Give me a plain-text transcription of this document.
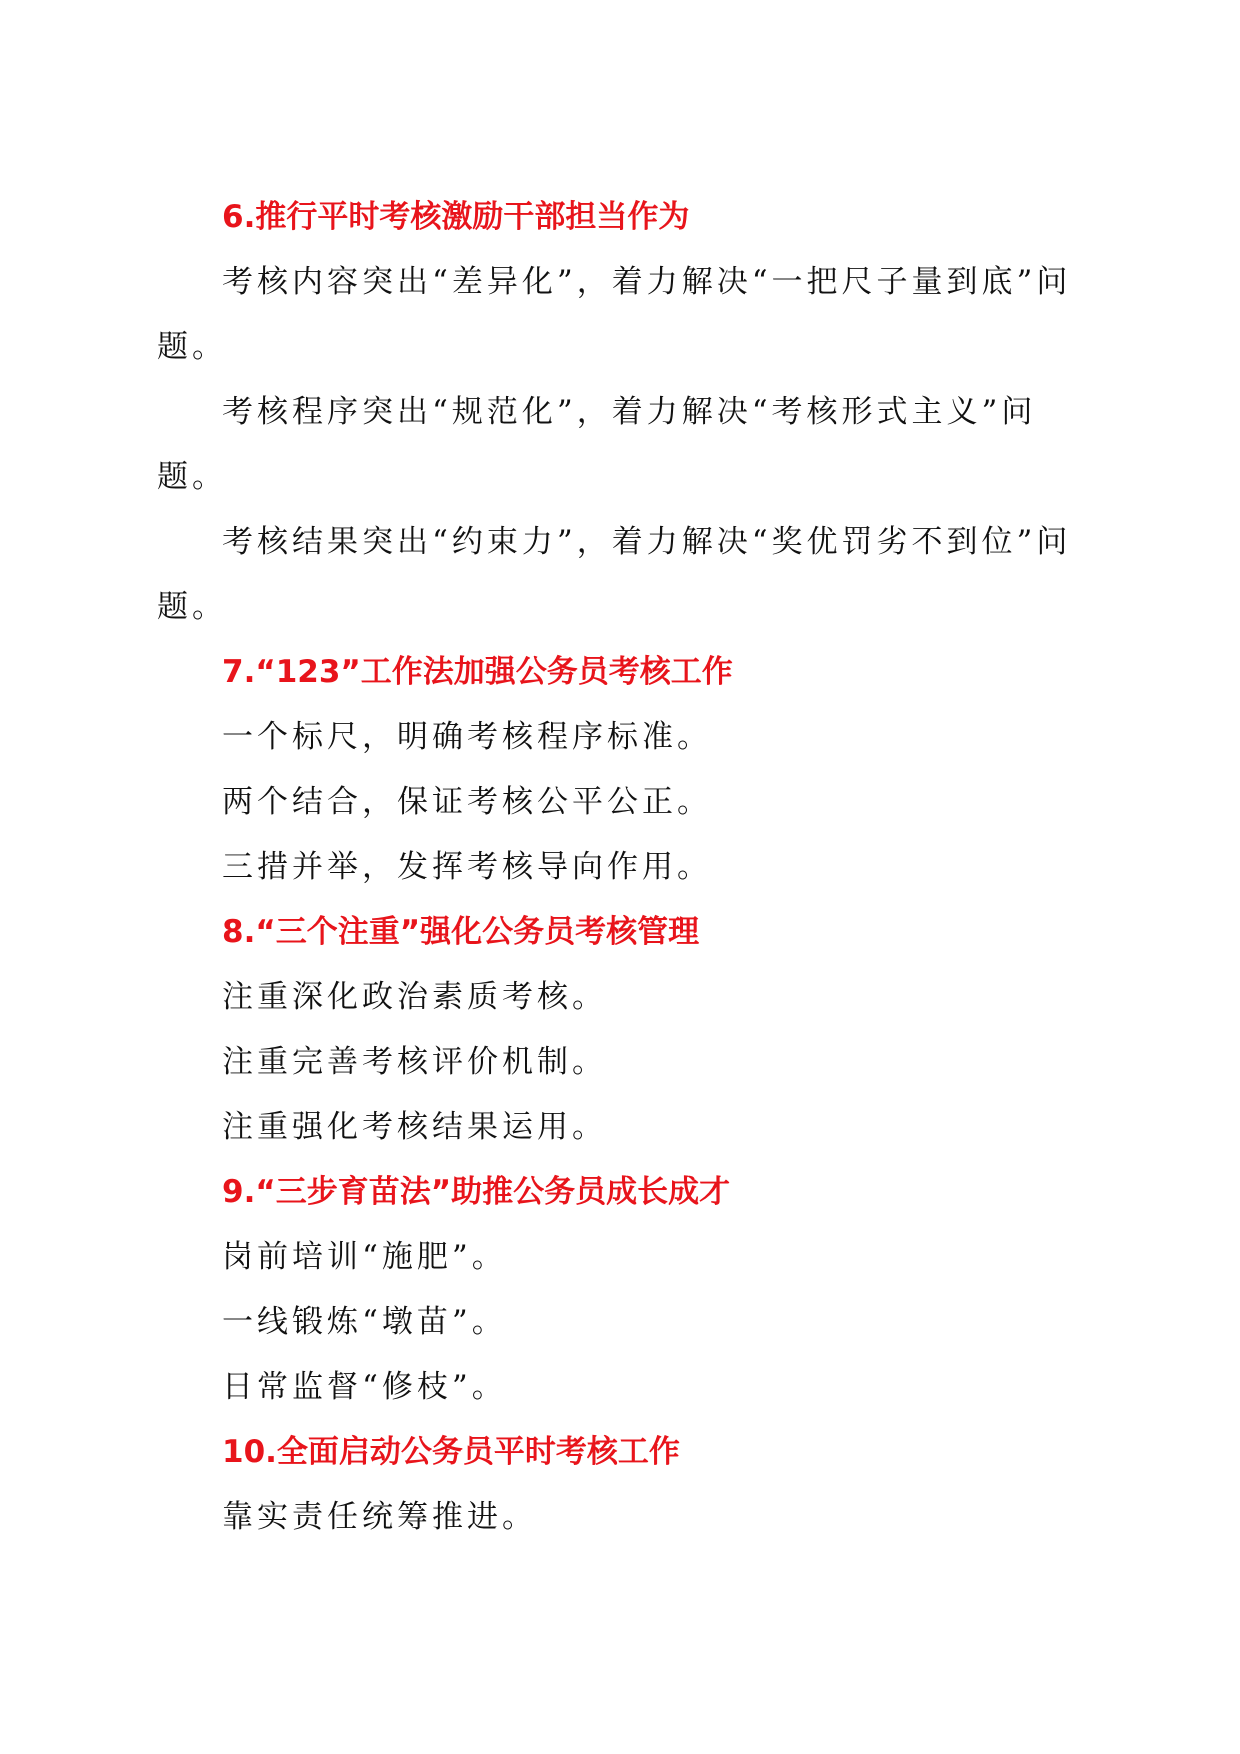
6.推行平时考核激励干部担当作为

考核内容突出“差异化”，着力解决“一把尺子量到底”问题。

考核程序突出“规范化”，着力解决“考核形式主义”问题。

考核结果突出“约束力”，着力解决“奖优罚劣不到位”问题。

7.“123”工作法加强公务员考核工作

一个标尺，明确考核程序标准。

两个结合，保证考核公平公正。

三措并举，发挥考核导向作用。

8.“三个注重”强化公务员考核管理

注重深化政治素质考核。

注重完善考核评价机制。

注重强化考核结果运用。

9.“三步育苗法”助推公务员成长成才

岗前培训“施肥”。

一线锻炼“墩苗”。

日常监督“修枝”。

10.全面启动公务员平时考核工作

靠实责任统筹推进。
